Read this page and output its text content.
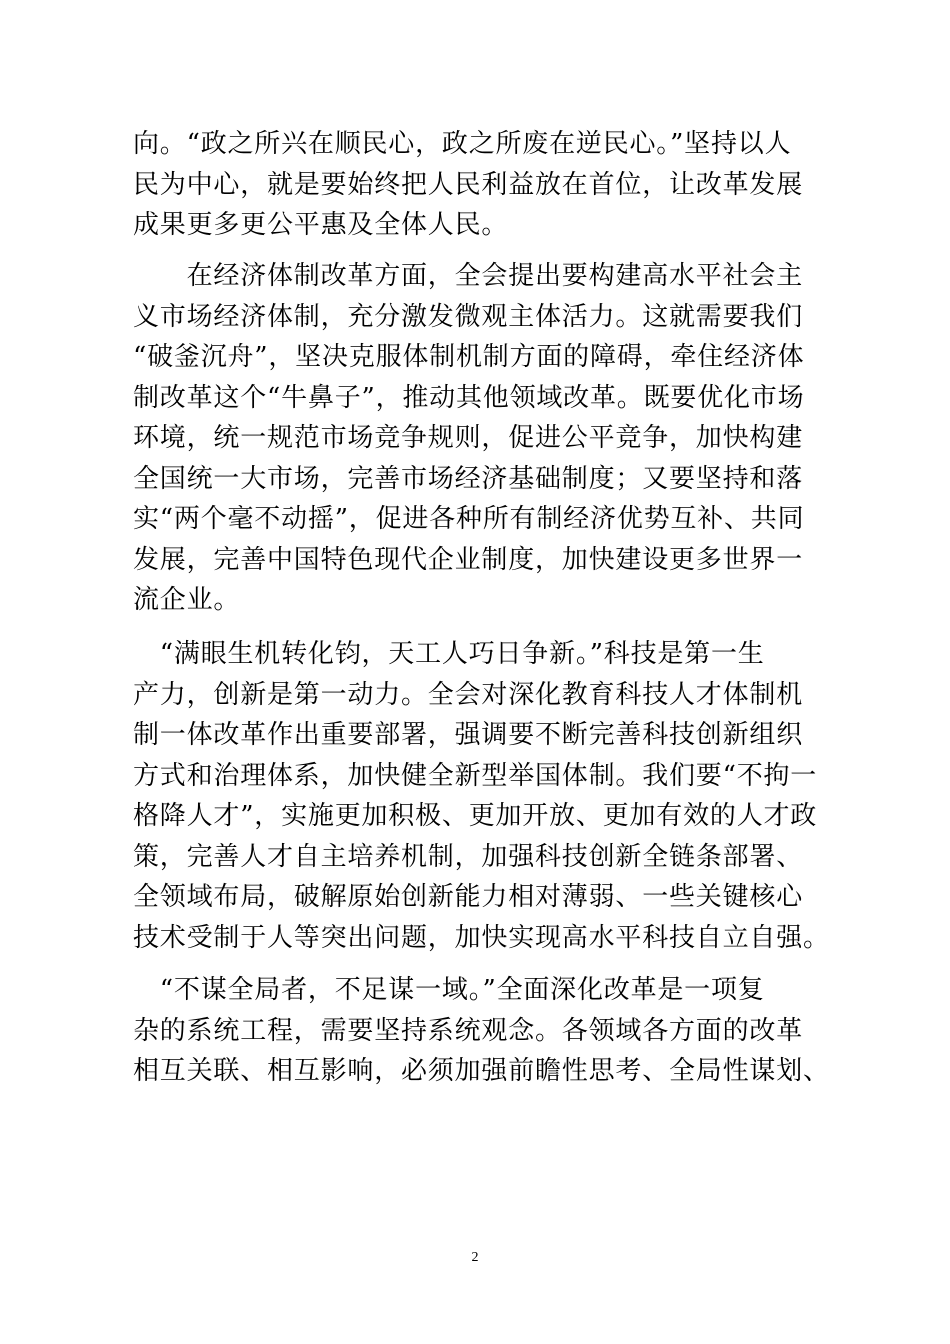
向。“政之所兴在顺民心，政之所废在逆民心。”坚持以人
民为中心，就是要始终把人民利益放在首位，让改革发展
成果更多更公平惠及全体人民。
　　在经济体制改革方面，全会提出要构建高水平社会主
义市场经济体制，充分激发微观主体活力。这就需要我们
“破釜沉舟”，坚决克服体制机制方面的障碍，牵住经济体
制改革这个“牛鼻子”，推动其他领域改革。既要优化市场
环境，统一规范市场竞争规则，促进公平竞争，加快构建
全国统一大市场，完善市场经济基础制度；又要坚持和落
实“两个毫不动摇”，促进各种所有制经济优势互补、共同
发展，完善中国特色现代企业制度，加快建设更多世界一
流企业。
　“满眼生机转化钧，天工人巧日争新。”科技是第一生
产力，创新是第一动力。全会对深化教育科技人才体制机
制一体改革作出重要部署，强调要不断完善科技创新组织
方式和治理体系，加快健全新型举国体制。我们要“不拘一
格降人才”，实施更加积极、更加开放、更加有效的人才政
策，完善人才自主培养机制，加强科技创新全链条部署、
全领域布局，破解原始创新能力相对薄弱、一些关键核心
技术受制于人等突出问题，加快实现高水平科技自立自强。
　“不谋全局者，不足谋一域。”全面深化改革是一项复
杂的系统工程，需要坚持系统观念。各领域各方面的改革
相互关联、相互影响，必须加强前瞻性思考、全局性谋划、
2
